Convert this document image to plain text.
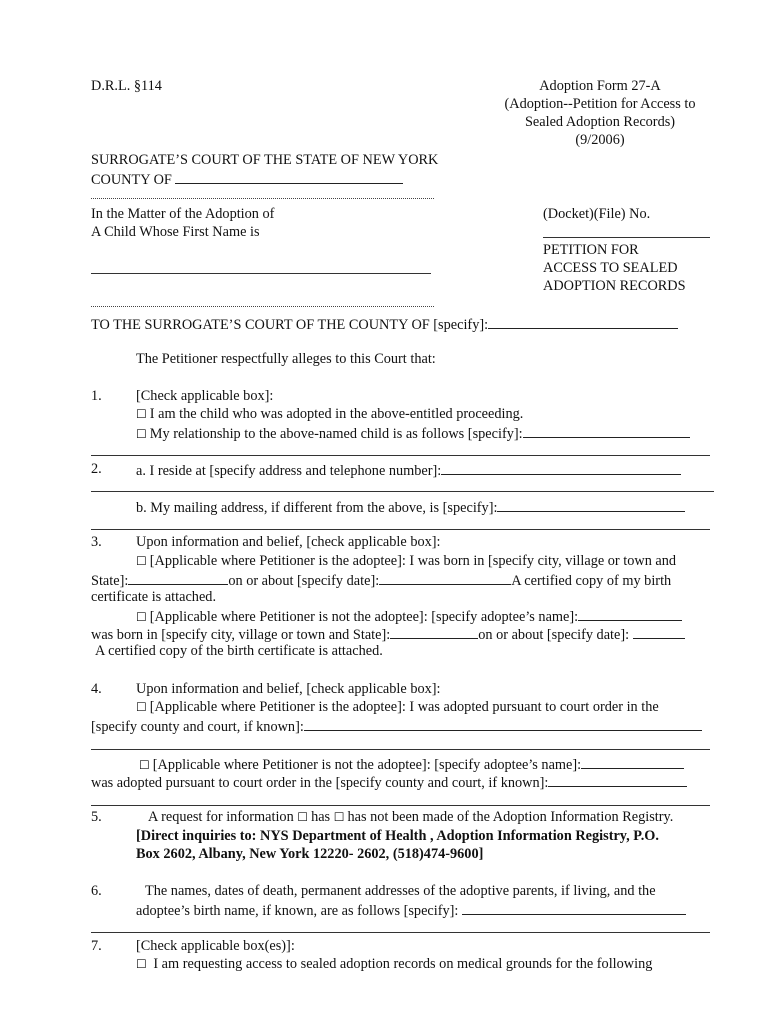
D.R.L. §114	Adoption Form 27-A
(Adoption--Petition for Access to
Sealed Adoption Records)
(9/2006)
SURROGATE’S COURT OF THE STATE OF NEW YORK
COUNTY OF
In the Matter of the Adoption of
A Child Whose First Name is
(Docket)(File) No.
PETITION FOR
ACCESS TO SEALED
ADOPTION RECORDS
TO THE SURROGATE’S COURT OF THE COUNTY OF [specify]:
The Petitioner respectfully alleges to this Court that:
1. [Check applicable box]:
☐ I am the child who was adopted in the above-entitled proceeding.
☐ My relationship to the above-named child is as follows [specify]:
2. a. I reside at [specify address and telephone number]:
b. My mailing address, if different from the above, is [specify]:
3. Upon information and belief, [check applicable box]:
☐ [Applicable where Petitioner is the adoptee]: I was born in [specify city, village or town and
State]:	on or about [specify date]:	A certified copy of my birth
certificate is attached.
☐ [Applicable where Petitioner is not the adoptee]: [specify adoptee’s name]:
was born in [specify city, village or town and State]:	on or about [specify date]:
A certified copy of the birth certificate is attached.
4. Upon information and belief, [check applicable box]:
☐ [Applicable where Petitioner is the adoptee]: I was adopted pursuant to court order in the
[specify county and court, if known]:
☐ [Applicable where Petitioner is not the adoptee]: [specify adoptee’s name]:
was adopted pursuant to court order in the [specify county and court, if known]:
5.	A request for information ☐ has ☐ has not been made of the Adoption Information Registry.
[Direct inquiries to: NYS Department of Health , Adoption Information Registry, P.O.
Box 2602, Albany, New York 12220- 2602, (518)474-9600]
6.	The names, dates of death, permanent addresses of the adoptive parents, if living, and the
adoptee’s birth name, if known, are as follows [specify]:
7. [Check applicable box(es)]:
☐ I am requesting access to sealed adoption records on medical grounds for the following
